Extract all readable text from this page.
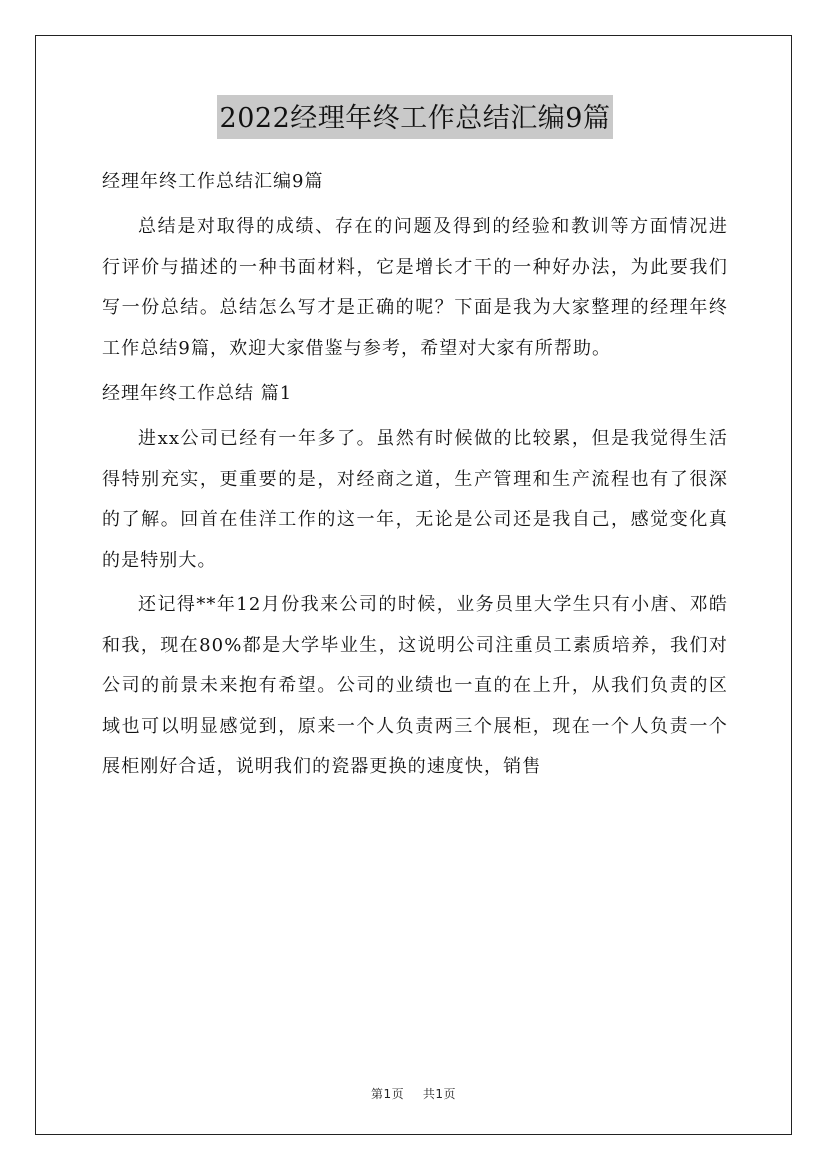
2022经理年终工作总结汇编9篇

经理年终工作总结汇编9篇

总结是对取得的成绩、存在的问题及得到的经验和教训等方面情况进行评价与描述的一种书面材料，它是增长才干的一种好办法，为此要我们写一份总结。总结怎么写才是正确的呢？下面是我为大家整理的经理年终工作总结9篇，欢迎大家借鉴与参考，希望对大家有所帮助。

经理年终工作总结 篇1

进xx公司已经有一年多了。虽然有时候做的比较累，但是我觉得生活得特别充实，更重要的是，对经商之道，生产管理和生产流程也有了很深的了解。回首在佳洋工作的这一年，无论是公司还是我自己，感觉变化真的是特别大。

还记得**年12月份我来公司的时候，业务员里大学生只有小唐、邓皓和我，现在80%都是大学毕业生，这说明公司注重员工素质培养，我们对公司的前景未来抱有希望。公司的业绩也一直的在上升，从我们负责的区域也可以明显感觉到，原来一个人负责两三个展柜，现在一个人负责一个展柜刚好合适，说明我们的瓷器更换的速度快，销售

第1页 共1页
